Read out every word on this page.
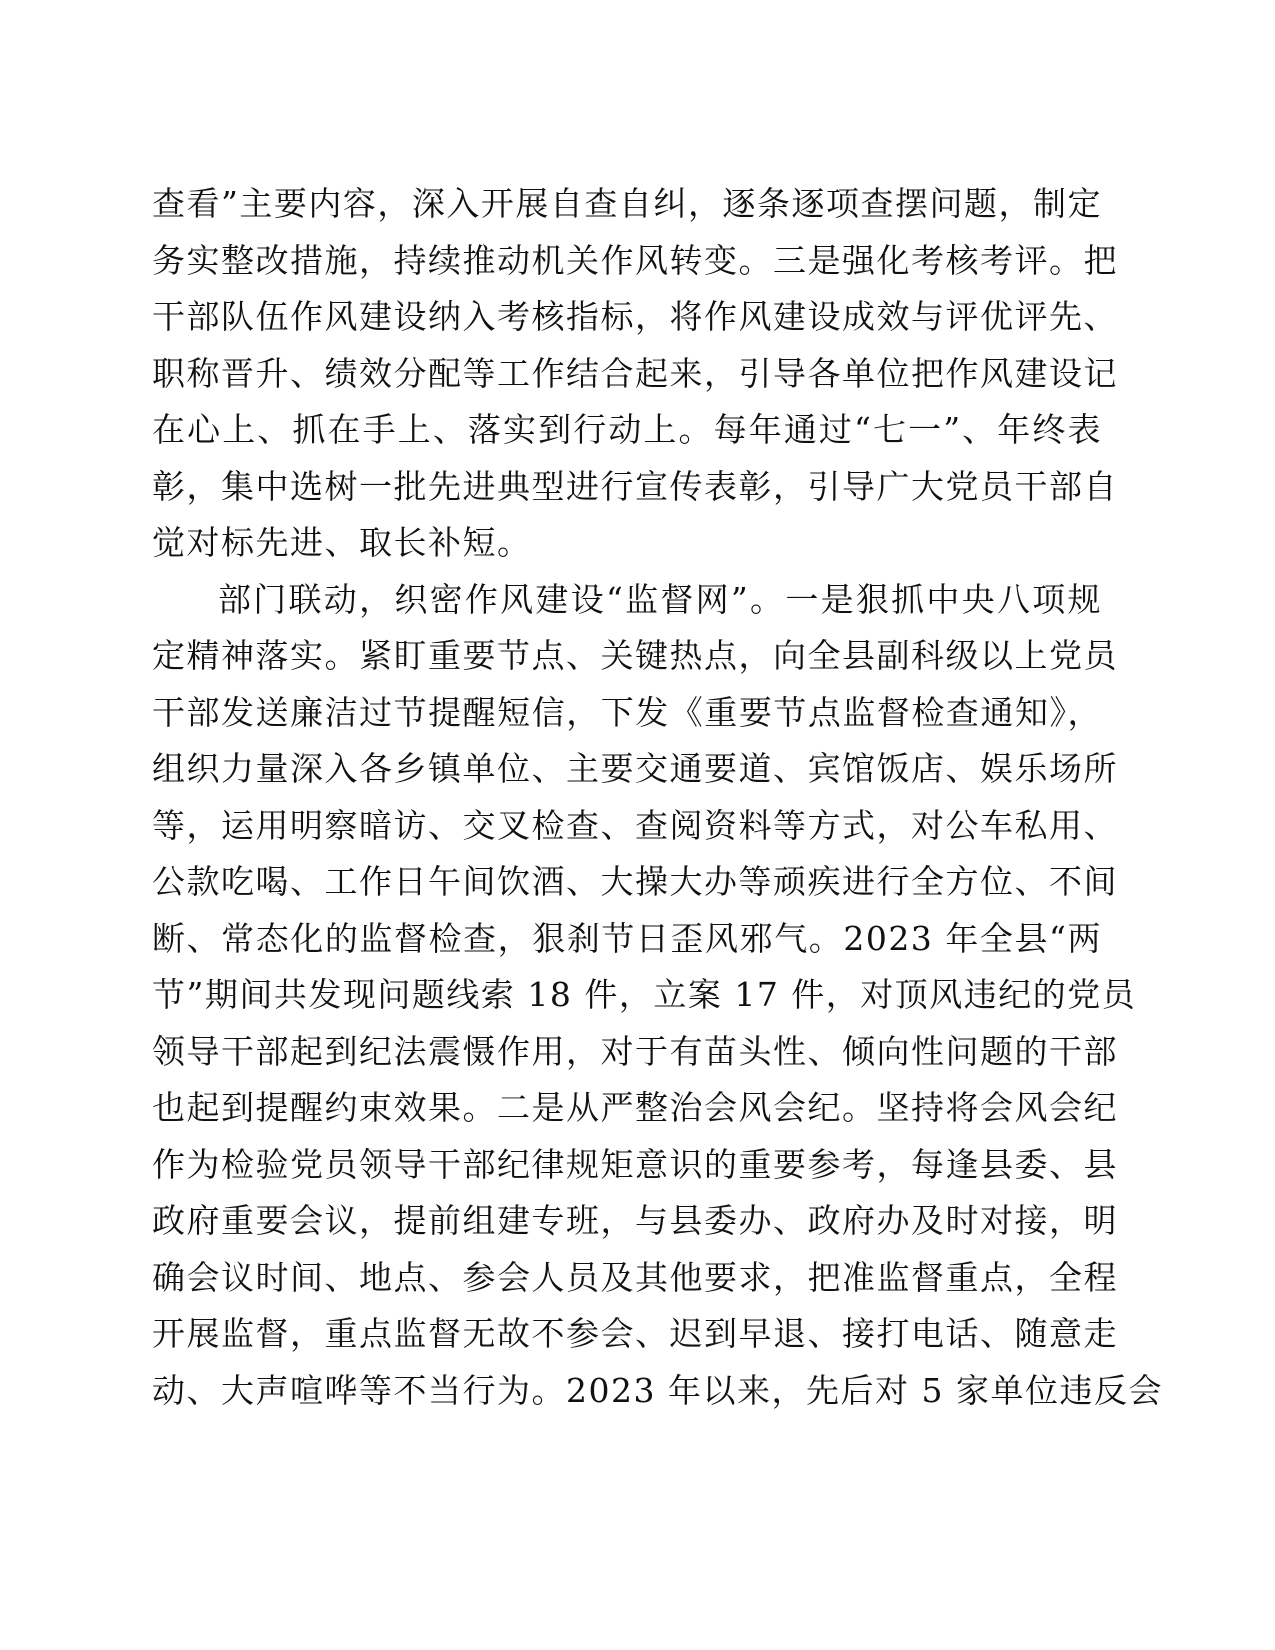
查看”主要内容，深入开展自查自纠，逐条逐项查摆问题，制定
务实整改措施，持续推动机关作风转变。三是强化考核考评。把
干部队伍作风建设纳入考核指标，将作风建设成效与评优评先、
职称晋升、绩效分配等工作结合起来，引导各单位把作风建设记
在心上、抓在手上、落实到行动上。每年通过“七一”、年终表
彰，集中选树一批先进典型进行宣传表彰，引导广大党员干部自
觉对标先进、取长补短。
部门联动，织密作风建设“监督网”。一是狠抓中央八项规
定精神落实。紧盯重要节点、关键热点，向全县副科级以上党员
干部发送廉洁过节提醒短信，下发《重要节点监督检查通知》，
组织力量深入各乡镇单位、主要交通要道、宾馆饭店、娱乐场所
等，运用明察暗访、交叉检查、查阅资料等方式，对公车私用、
公款吃喝、工作日午间饮酒、大操大办等顽疾进行全方位、不间
断、常态化的监督检查，狠刹节日歪风邪气。2023 年全县“两
节”期间共发现问题线索 18 件，立案 17 件，对顶风违纪的党员
领导干部起到纪法震慑作用，对于有苗头性、倾向性问题的干部
也起到提醒约束效果。二是从严整治会风会纪。坚持将会风会纪
作为检验党员领导干部纪律规矩意识的重要参考，每逢县委、县
政府重要会议，提前组建专班，与县委办、政府办及时对接，明
确会议时间、地点、参会人员及其他要求，把准监督重点，全程
开展监督，重点监督无故不参会、迟到早退、接打电话、随意走
动、大声喧哗等不当行为。2023 年以来，先后对 5 家单位违反会
